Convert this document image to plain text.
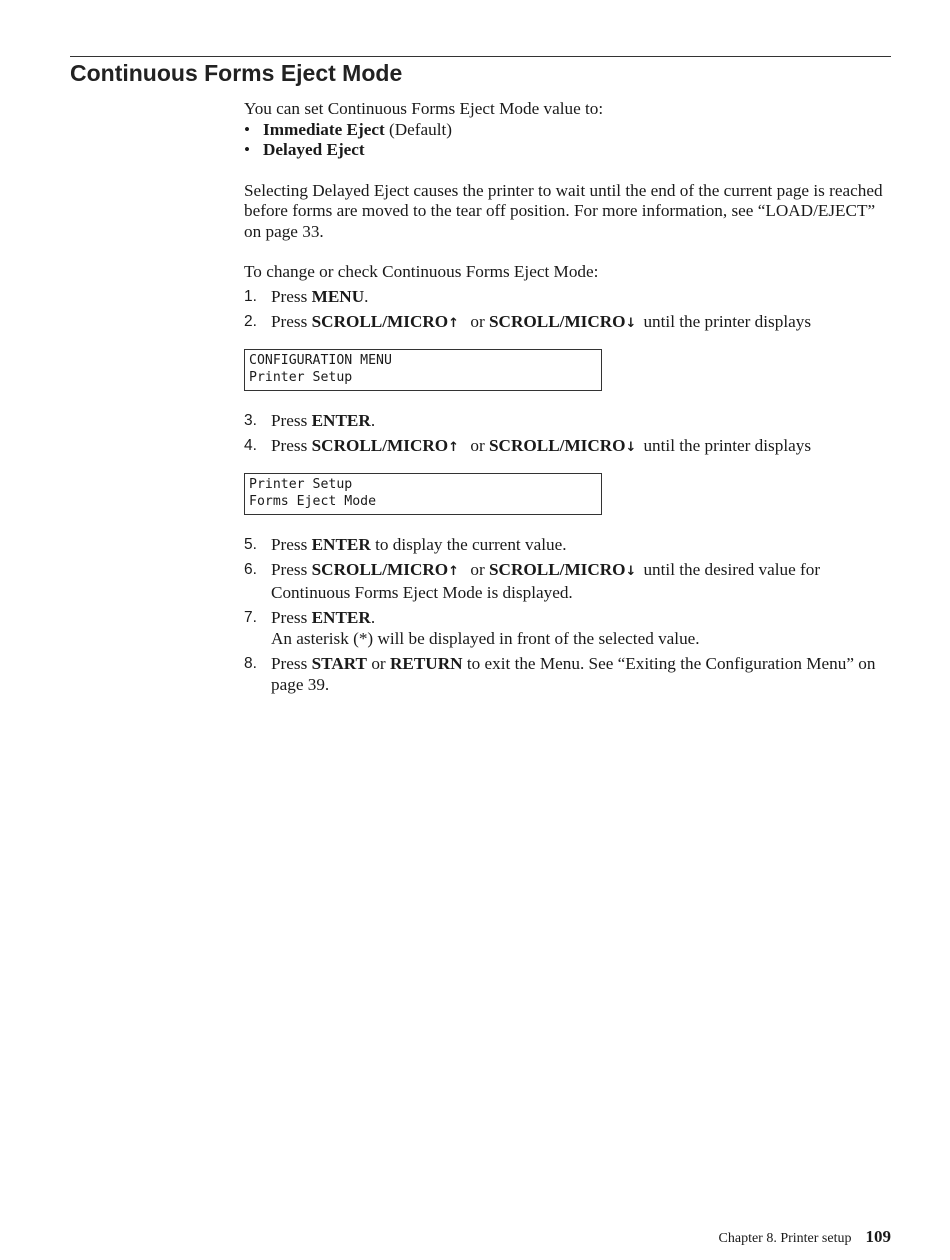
Continuous Forms Eject Mode

You can set Continuous Forms Eject Mode value to:

• Immediate Eject (Default)
• Delayed Eject

Selecting Delayed Eject causes the printer to wait until the end of the current page is reached before forms are moved to the tear off position. For more information, see “LOAD/EJECT” on page 33.

To change or check Continuous Forms Eject Mode:

1. Press MENU.
2. Press SCROLL/MICRO↑ or SCROLL/MICRO↓ until the printer displays
CONFIGURATION MENU
Printer Setup
3. Press ENTER.
4. Press SCROLL/MICRO↑ or SCROLL/MICRO↓ until the printer displays
Printer Setup
Forms Eject Mode
5. Press ENTER to display the current value.
6. Press SCROLL/MICRO↑ or SCROLL/MICRO↓ until the desired value for Continuous Forms Eject Mode is displayed.
7. Press ENTER.

An asterisk (*) will be displayed in front of the selected value.

8. Press START or RETURN to exit the Menu. See “Exiting the Configuration Menu” on page 39.
Chapter 8. Printer setup 109
